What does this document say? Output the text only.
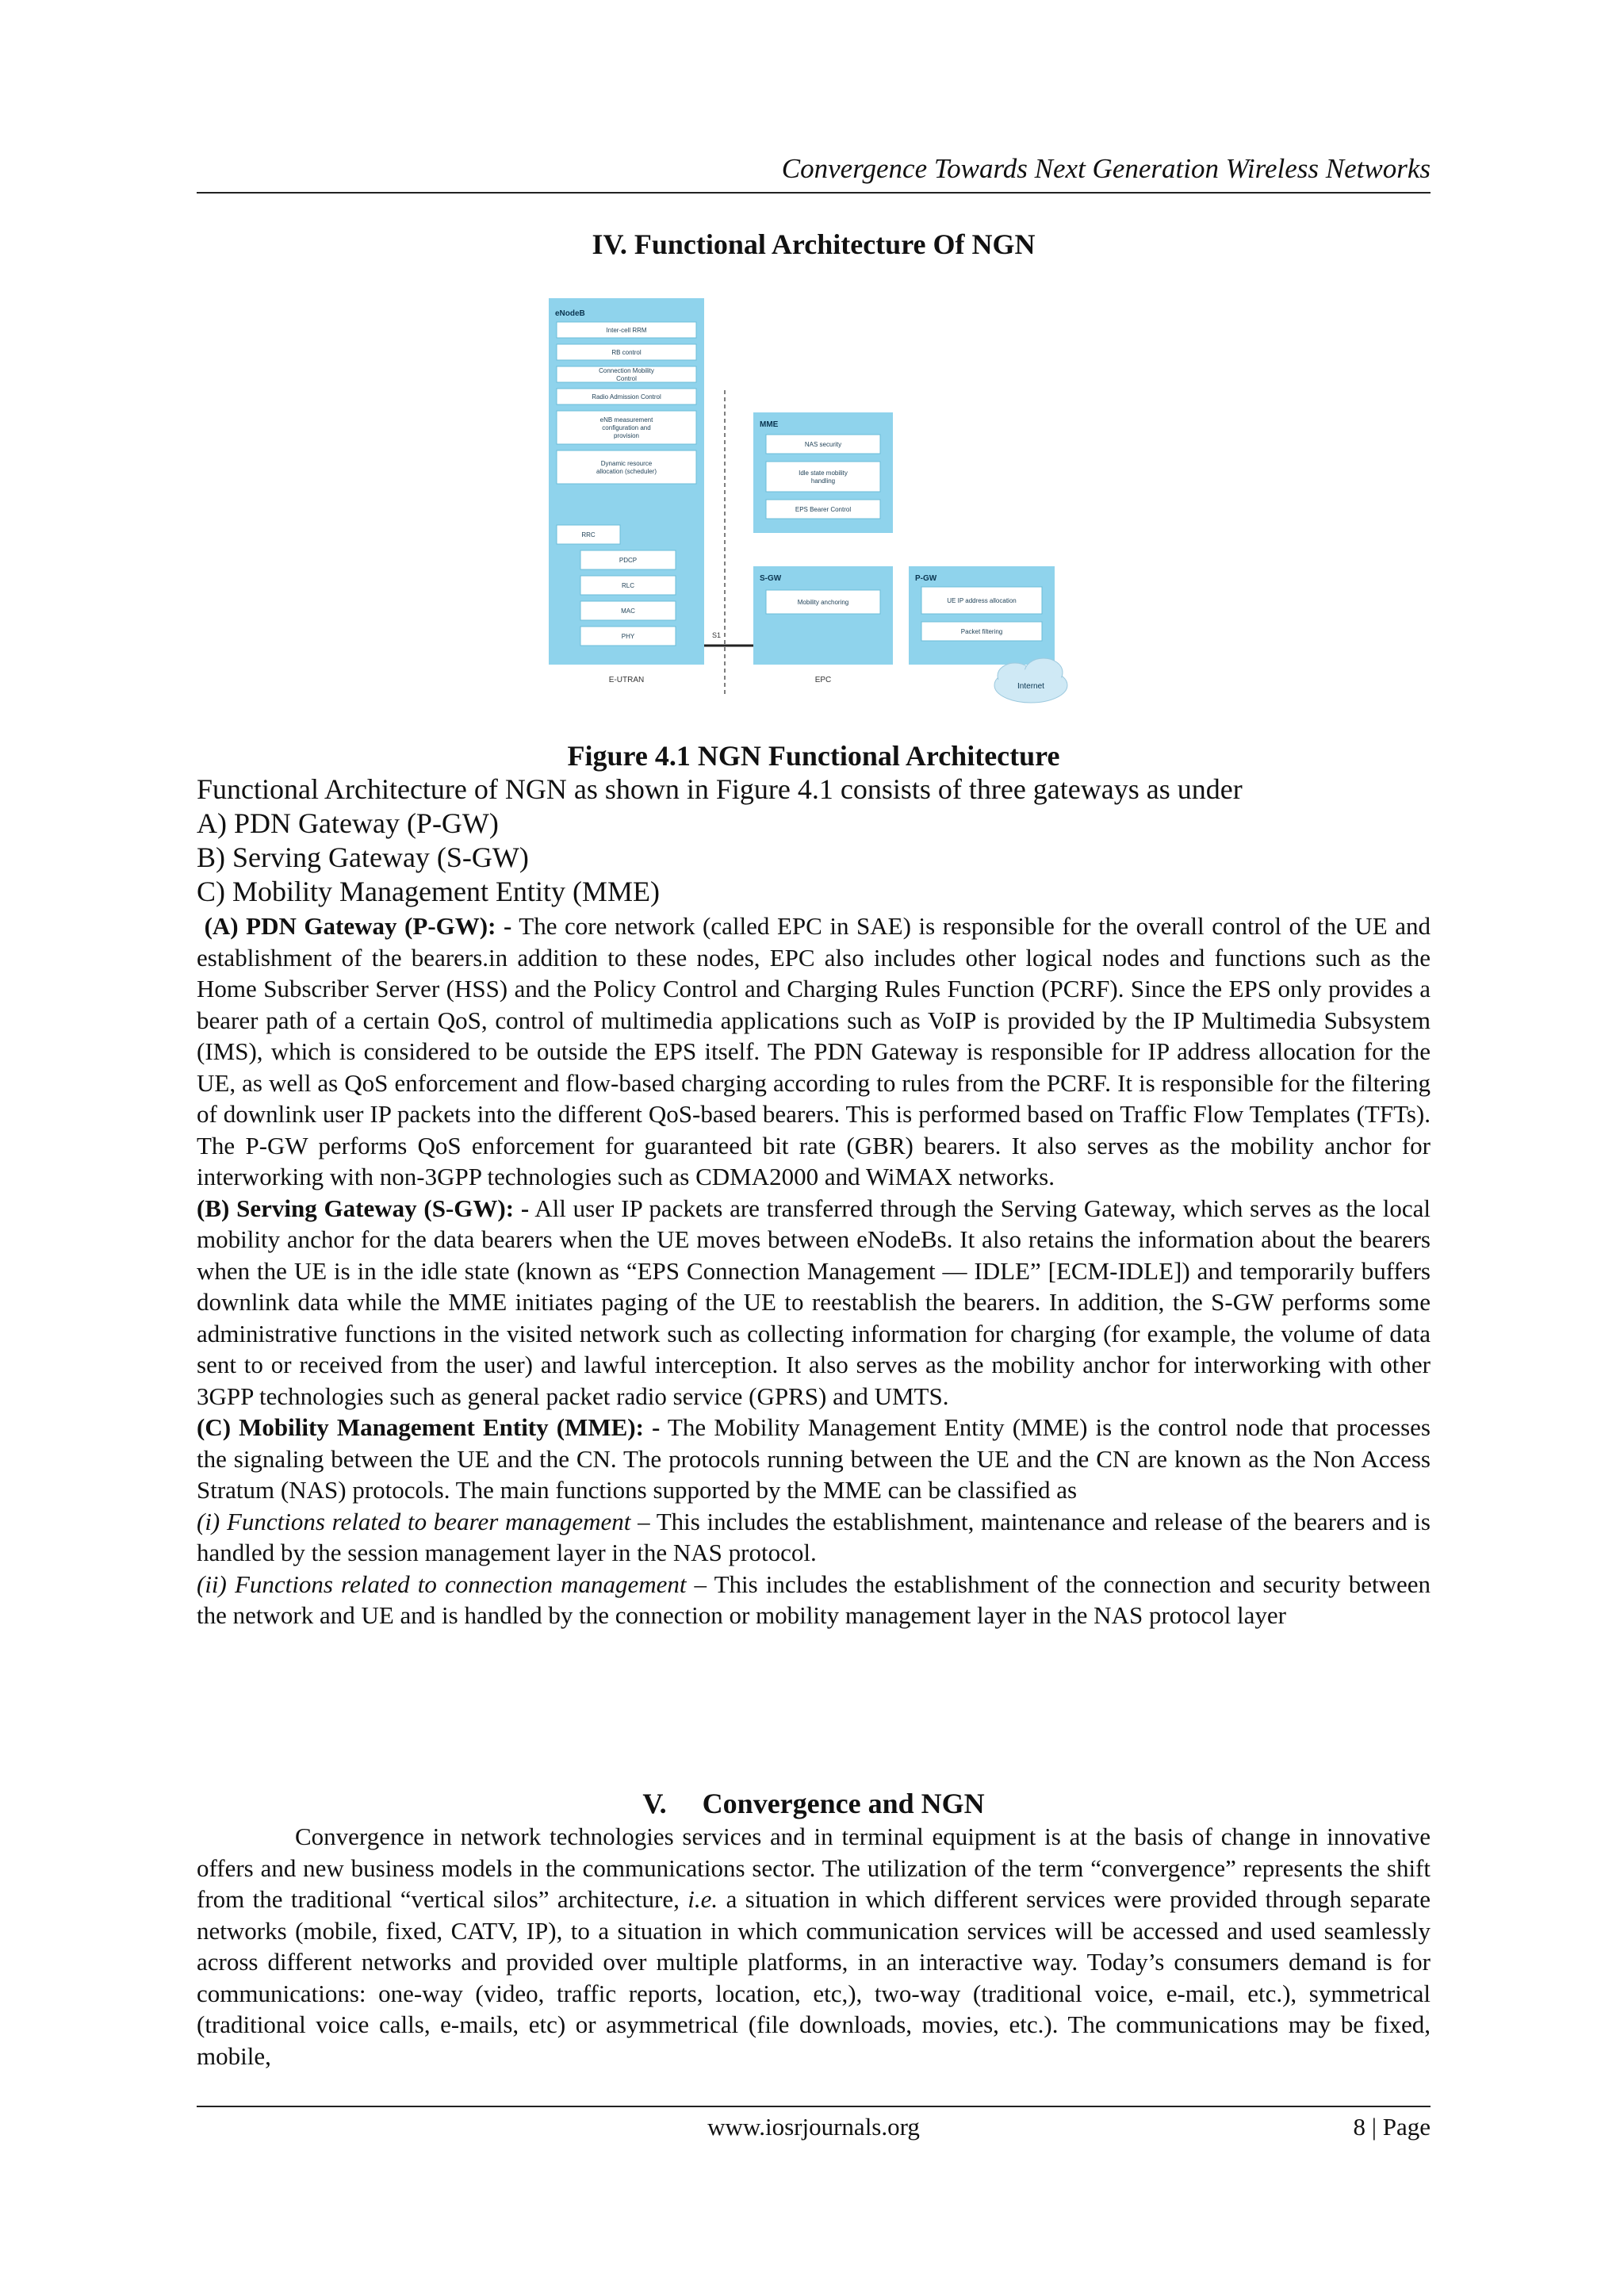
Convergence Towards Next Generation Wireless Networks
IV. Functional Architecture Of NGN
eNodeB
Inter-cell RRM
RB control
Connection Mobility
Control
Radio Admission Control
eNB measurement
configuration and
provision
Dynamic resource
allocation (scheduler)
RRC
PDCP
RLC
MAC
PHY
E-UTRAN
S1
MME
NAS security
Idle state mobility
handling
EPS Bearer Control
S-GW
Mobility anchoring
P-GW
UE IP address allocation
Packet filtering
EPC
Internet
Figure 4.1 NGN Functional Architecture
Functional Architecture of NGN as shown in Figure 4.1 consists of three gateways as under
A) PDN Gateway (P-GW)
B) Serving Gateway (S-GW)
C) Mobility Management Entity (MME)

(A) PDN Gateway (P-GW): - The core network (called EPC in SAE) is responsible for the overall control of the UE and establishment of the bearers.in addition to these nodes, EPC also includes other logical nodes and functions such as the Home Subscriber Server (HSS) and the Policy Control and Charging Rules Function (PCRF). Since the EPS only provides a bearer path of a certain QoS, control of multimedia applications such as VoIP is provided by the IP Multimedia Subsystem (IMS), which is considered to be outside the EPS itself. The PDN Gateway is responsible for IP address allocation for the UE, as well as QoS enforcement and flow-based charging according to rules from the PCRF. It is responsible for the filtering of downlink user IP packets into the different QoS-based bearers. This is performed based on Traffic Flow Templates (TFTs). The P-GW performs QoS enforcement for guaranteed bit rate (GBR) bearers. It also serves as the mobility anchor for interworking with non-3GPP technologies such as CDMA2000 and WiMAX networks.

(B) Serving Gateway (S-GW): - All user IP packets are transferred through the Serving Gateway, which serves as the local mobility anchor for the data bearers when the UE moves between eNodeBs. It also retains the information about the bearers when the UE is in the idle state (known as “EPS Connection Management — IDLE” [ECM-IDLE]) and temporarily buffers downlink data while the MME initiates paging of the UE to reestablish the bearers. In addition, the S-GW performs some administrative functions in the visited network such as collecting information for charging (for example, the volume of data sent to or received from the user) and lawful interception. It also serves as the mobility anchor for interworking with other 3GPP technologies such as general packet radio service (GPRS) and UMTS.

(C) Mobility Management Entity (MME): - The Mobility Management Entity (MME) is the control node that processes the signaling between the UE and the CN. The protocols running between the UE and the CN are known as the Non Access Stratum (NAS) protocols. The main functions supported by the MME can be classified as

(i) Functions related to bearer management – This includes the establishment, maintenance and release of the bearers and is handled by the session management layer in the NAS protocol.

(ii) Functions related to connection management – This includes the establishment of the connection and security between the network and UE and is handled by the connection or mobility management layer in the NAS protocol layer

V.     Convergence and NGN

Convergence in network technologies services and in terminal equipment is at the basis of change in innovative offers and new business models in the communications sector. The utilization of the term “convergence” represents the shift from the traditional “vertical silos” architecture, i.e. a situation in which different services were provided through separate networks (mobile, fixed, CATV, IP), to a situation in which communication services will be accessed and used seamlessly across different networks and provided over multiple platforms, in an interactive way. Today’s consumers demand is for communications: one-way (video, traffic reports, location, etc,), two-way (traditional voice, e-mail, etc.), symmetrical (traditional voice calls, e-mails, etc) or asymmetrical (file downloads, movies, etc.). The communications may be fixed, mobile,

www.iosrjournals.org	8 | Page
